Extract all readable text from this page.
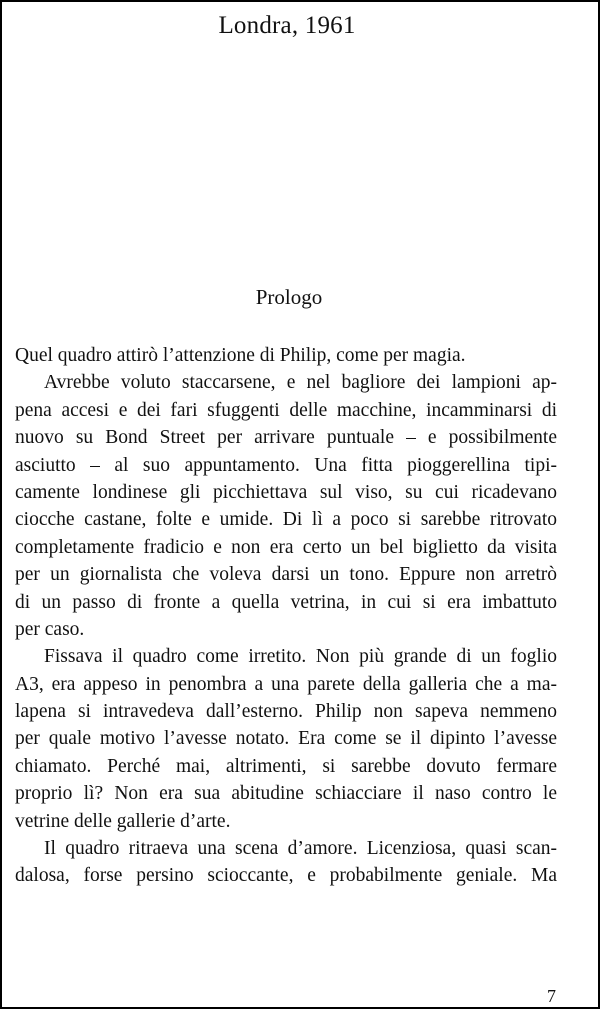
Londra, 1961
Prologo
Quel quadro attirò l’attenzione di Philip, come per magia.
Avrebbe voluto staccarsene, e nel bagliore dei lampioni ap-
pena accesi e dei fari sfuggenti delle macchine, incamminarsi di
nuovo su Bond Street per arrivare puntuale – e possibilmente
asciutto – al suo appuntamento. Una fitta pioggerellina tipi-
camente londinese gli picchiettava sul viso, su cui ricadevano
ciocche castane, folte e umide. Di lì a poco si sarebbe ritrovato
completamente fradicio e non era certo un bel biglietto da visita
per un giornalista che voleva darsi un tono. Eppure non arretrò
di un passo di fronte a quella vetrina, in cui si era imbattuto
per caso.
Fissava il quadro come irretito. Non più grande di un foglio
A3, era appeso in penombra a una parete della galleria che a ma-
lapena si intravedeva dall’esterno. Philip non sapeva nemmeno
per quale motivo l’avesse notato. Era come se il dipinto l’avesse
chiamato. Perché mai, altrimenti, si sarebbe dovuto fermare
proprio lì? Non era sua abitudine schiacciare il naso contro le
vetrine delle gallerie d’arte.
Il quadro ritraeva una scena d’amore. Licenziosa, quasi scan-
dalosa, forse persino scioccante, e probabilmente geniale. Ma
7
